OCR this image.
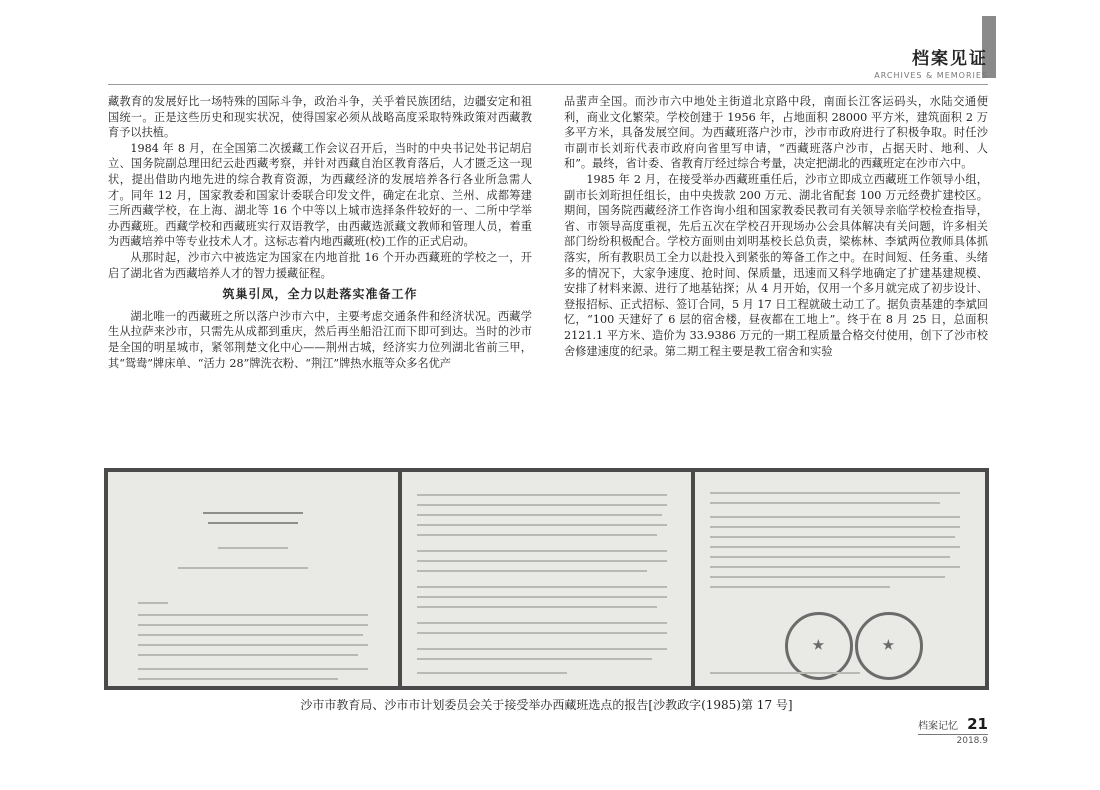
档案见证
ARCHIVES & MEMORIES

藏教育的发展好比一场特殊的国际斗争，政治斗争，关乎着民族团结，边疆安定和祖国统一。正是这些历史和现实状况，使得国家必须从战略高度采取特殊政策对西藏教育予以扶植。

1984 年 8 月，在全国第二次援藏工作会议召开后，当时的中央书记处书记胡启立、国务院副总理田纪云赴西藏考察，并针对西藏自治区教育落后，人才匮乏这一现状，提出借助内地先进的综合教育资源，为西藏经济的发展培养各行各业所急需人才。同年 12 月，国家教委和国家计委联合印发文件，确定在北京、兰州、成都筹建三所西藏学校，在上海、湖北等 16 个中等以上城市选择条件较好的一、二所中学举办西藏班。西藏学校和西藏班实行双语教学，由西藏选派藏文教师和管理人员，着重为西藏培养中等专业技术人才。这标志着内地西藏班(校)工作的正式启动。

从那时起，沙市六中被选定为国家在内地首批 16 个开办西藏班的学校之一，开启了湖北省为西藏培养人才的智力援藏征程。

筑巢引凤，全力以赴落实准备工作

湖北唯一的西藏班之所以落户沙市六中，主要考虑交通条件和经济状况。西藏学生从拉萨来沙市，只需先从成都到重庆，然后再坐船沿江而下即可到达。当时的沙市是全国的明星城市，紧邻荆楚文化中心——荆州古城，经济实力位列湖北省前三甲，其“鸳鸯”牌床单、“活力 28”牌洗衣粉、“荆江”牌热水瓶等众多名优产

品蜚声全国。而沙市六中地处主街道北京路中段，南面长江客运码头，水陆交通便利，商业文化繁荣。学校创建于 1956 年，占地面积 28000 平方米，建筑面积 2 万多平方米，具备发展空间。为西藏班落户沙市，沙市市政府进行了积极争取。时任沙市副市长刘珩代表市政府向省里写申请，“西藏班落户沙市，占据天时、地利、人和”。最终，省计委、省教育厅经过综合考量，决定把湖北的西藏班定在沙市六中。

1985 年 2 月，在接受举办西藏班重任后，沙市立即成立西藏班工作领导小组，副市长刘珩担任组长，由中央拨款 200 万元、湖北省配套 100 万元经费扩建校区。期间，国务院西藏经济工作咨询小组和国家教委民教司有关领导亲临学校检查指导，省、市领导高度重视，先后五次在学校召开现场办公会具体解决有关问题，许多相关部门纷纷积极配合。学校方面则由刘明基校长总负责，梁栋林、李斌两位教师具体抓落实，所有教职员工全力以赴投入到紧张的筹备工作之中。在时间短、任务重、头绪多的情况下，大家争速度、抢时间、保质量，迅速而又科学地确定了扩建基建规模、安排了材料来源、进行了地基钻探；从 4 月开始，仅用一个多月就完成了初步设计、登报招标、正式招标、签订合同，5 月 17 日工程就破土动工了。据负责基建的李斌回忆，“100 天建好了 6 层的宿舍楼，昼夜都在工地上”。终于在 8 月 25 日，总面积 2121.1 平方米、造价为 33.9386 万元的一期工程质量合格交付使用，创下了沙市校舍修建速度的纪录。第二期工程主要是教工宿舍和实验

沙市市教育局、沙市市计划委员会关于接受举办西藏班选点的报告[沙教政字(1985)第 17 号]
档案记忆 21
2018.9
